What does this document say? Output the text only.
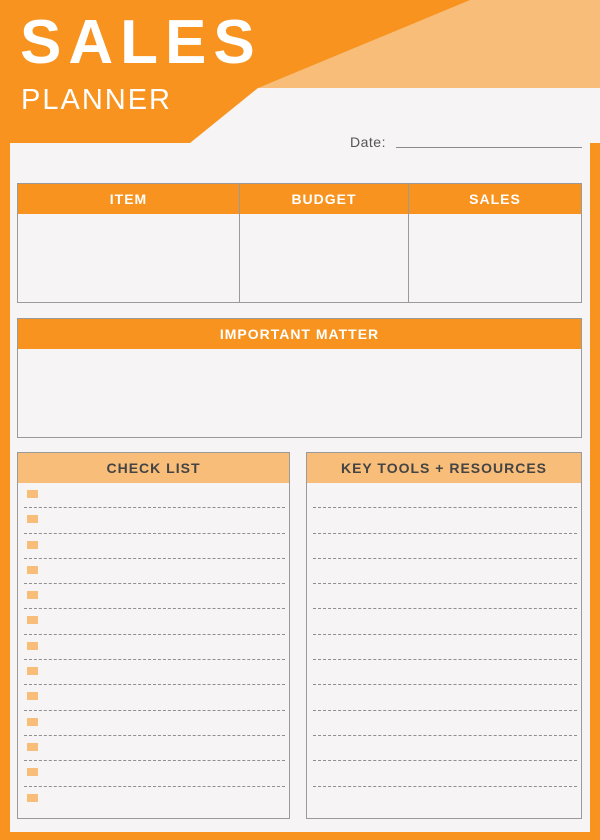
SALES
PLANNER
Date:
ITEM	BUDGET	SALES
IMPORTANT MATTER
CHECK LIST	KEY TOOLS + RESOURCES
